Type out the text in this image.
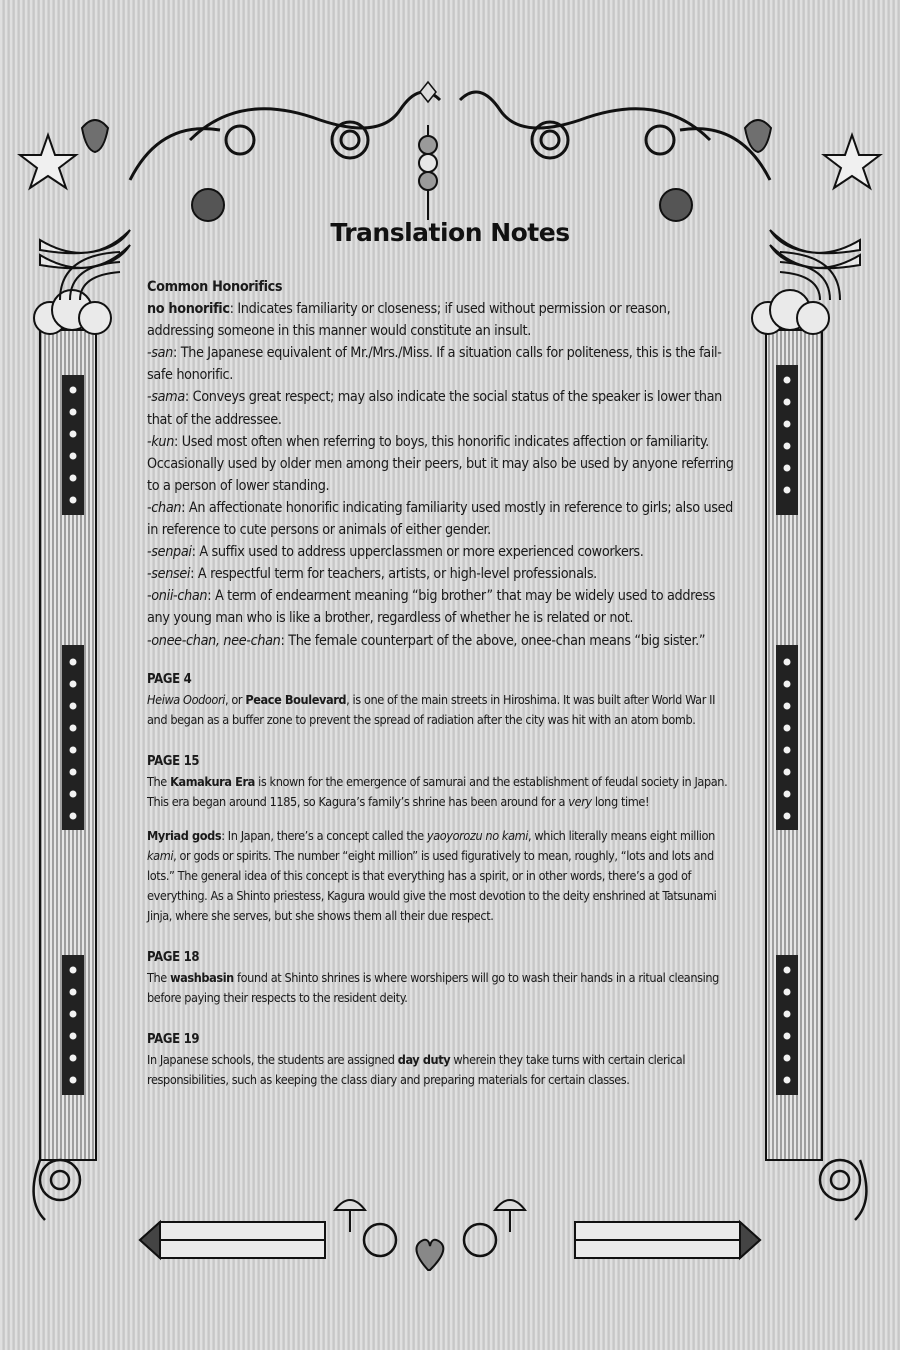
Translation Notes

Common Honorifics

no honorific: Indicates familiarity or closeness; if used without permission or reason, addressing someone in this manner would constitute an insult.

-san: The Japanese equivalent of Mr./Mrs./Miss. If a situation calls for politeness, this is the fail-safe honorific.

-sama: Conveys great respect; may also indicate the social status of the speaker is lower than that of the addressee.

-kun: Used most often when referring to boys, this honorific indicates affection or familiarity. Occasionally used by older men among their peers, but it may also be used by anyone referring to a person of lower standing.

-chan: An affectionate honorific indicating familiarity used mostly in reference to girls; also used in reference to cute persons or animals of either gender.

-senpai: A suffix used to address upperclassmen or more experienced coworkers.

-sensei: A respectful term for teachers, artists, or high-level professionals.

-onii-chan: A term of endearment meaning “big brother” that may be widely used to address any young man who is like a brother, regardless of whether he is related or not.

-onee-chan, nee-chan: The female counterpart of the above, onee-chan means “big sister.”

PAGE 4

Heiwa Oodoori, or Peace Boulevard, is one of the main streets in Hiroshima. It was built after World War II and began as a buffer zone to prevent the spread of radiation after the city was hit with an atom bomb.

PAGE 15

The Kamakura Era is known for the emergence of samurai and the establishment of feudal society in Japan. This era began around 1185, so Kagura’s family’s shrine has been around for a very long time!

Myriad gods: In Japan, there’s a concept called the yaoyorozu no kami, which literally means eight million kami, or gods or spirits. The number “eight million” is used figuratively to mean, roughly, “lots and lots and lots.” The general idea of this concept is that everything has a spirit, or in other words, there’s a god of everything. As a Shinto priestess, Kagura would give the most devotion to the deity enshrined at Tatsunami Jinja, where she serves, but she shows them all their due respect.

PAGE 18

The washbasin found at Shinto shrines is where worshipers will go to wash their hands in a ritual cleansing before paying their respects to the resident deity.

PAGE 19

In Japanese schools, the students are assigned day duty wherein they take turns with certain clerical responsibilities, such as keeping the class diary and preparing materials for certain classes.
